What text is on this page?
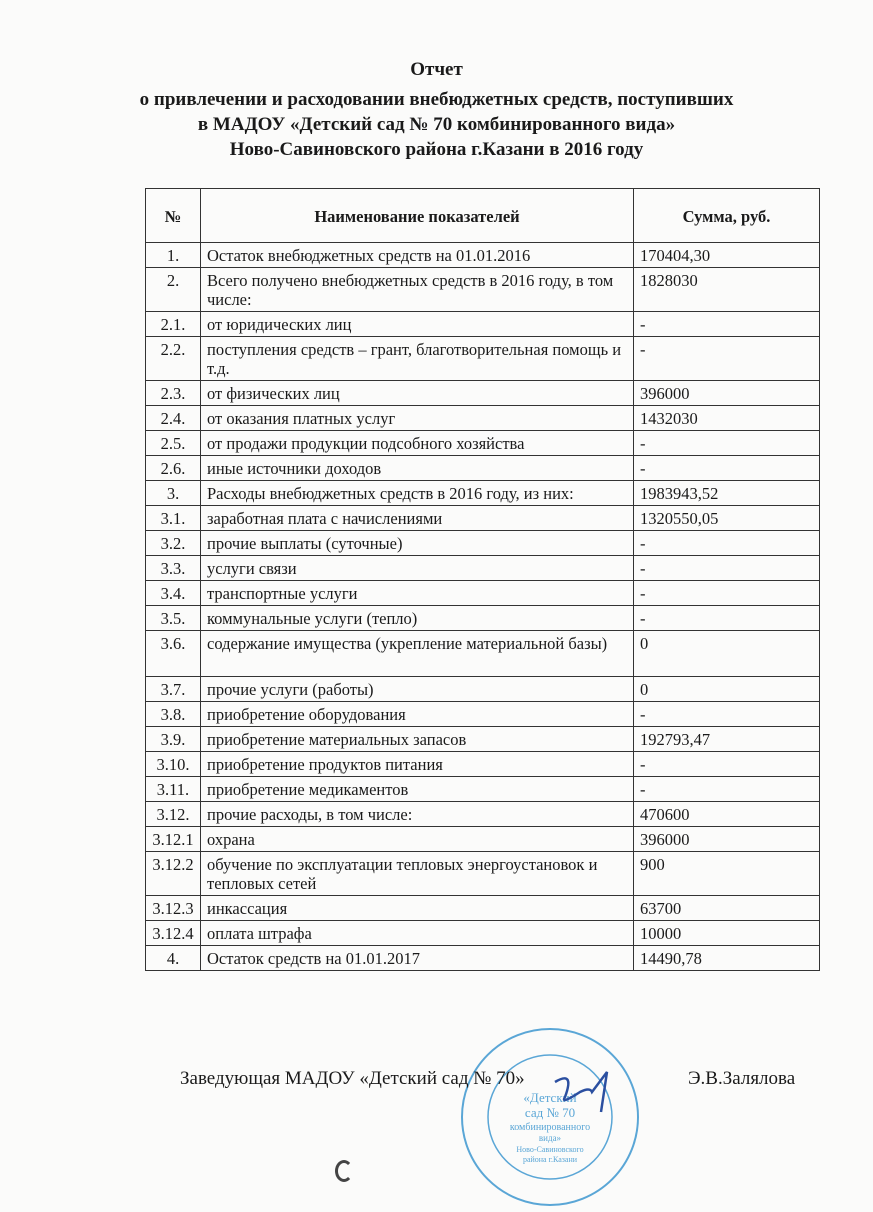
Отчет
о привлечении и расходовании внебюджетных средств, поступивших
в МАДОУ «Детский сад № 70 комбинированного вида»
Ново-Савиновского района г.Казани в 2016 году
№	Наименование показателей	Сумма, руб.
1.	Остаток внебюджетных средств на 01.01.2016	170404,30
2.	Всего получено внебюджетных средств в 2016 году, в том числе:	1828030
2.1.	от юридических лиц	-
2.2.	поступления средств – грант, благотворительная помощь и т.д.	-
2.3.	от физических лиц	396000
2.4.	от оказания платных услуг	1432030
2.5.	от продажи продукции подсобного хозяйства	-
2.6.	иные источники доходов	-
3.	Расходы внебюджетных средств в 2016 году, из них:	1983943,52
3.1.	заработная плата с начислениями	1320550,05
3.2.	прочие выплаты (суточные)	-
3.3.	услуги связи	-
3.4.	транспортные услуги	-
3.5.	коммунальные услуги (тепло)	-
3.6.	содержание имущества (укрепление материальной базы)	0
3.7.	прочие услуги (работы)	0
3.8.	приобретение оборудования	-
3.9.	приобретение материальных запасов	192793,47
3.10.	приобретение продуктов питания	-
3.11.	приобретение медикаментов	-
3.12.	прочие расходы, в том числе:	470600
3.12.1	охрана	396000
3.12.2	обучение по эксплуатации тепловых энергоустановок и тепловых сетей	900
3.12.3	инкассация	63700
3.12.4	оплата штрафа	10000
4.	Остаток средств на 01.01.2017	14490,78
«Детский
сад № 70
комбинированного
вида»
Ново-Савиновского
района г.Казани
Заведующая МАДОУ «Детский сад № 70»	Э.В.Залялова
